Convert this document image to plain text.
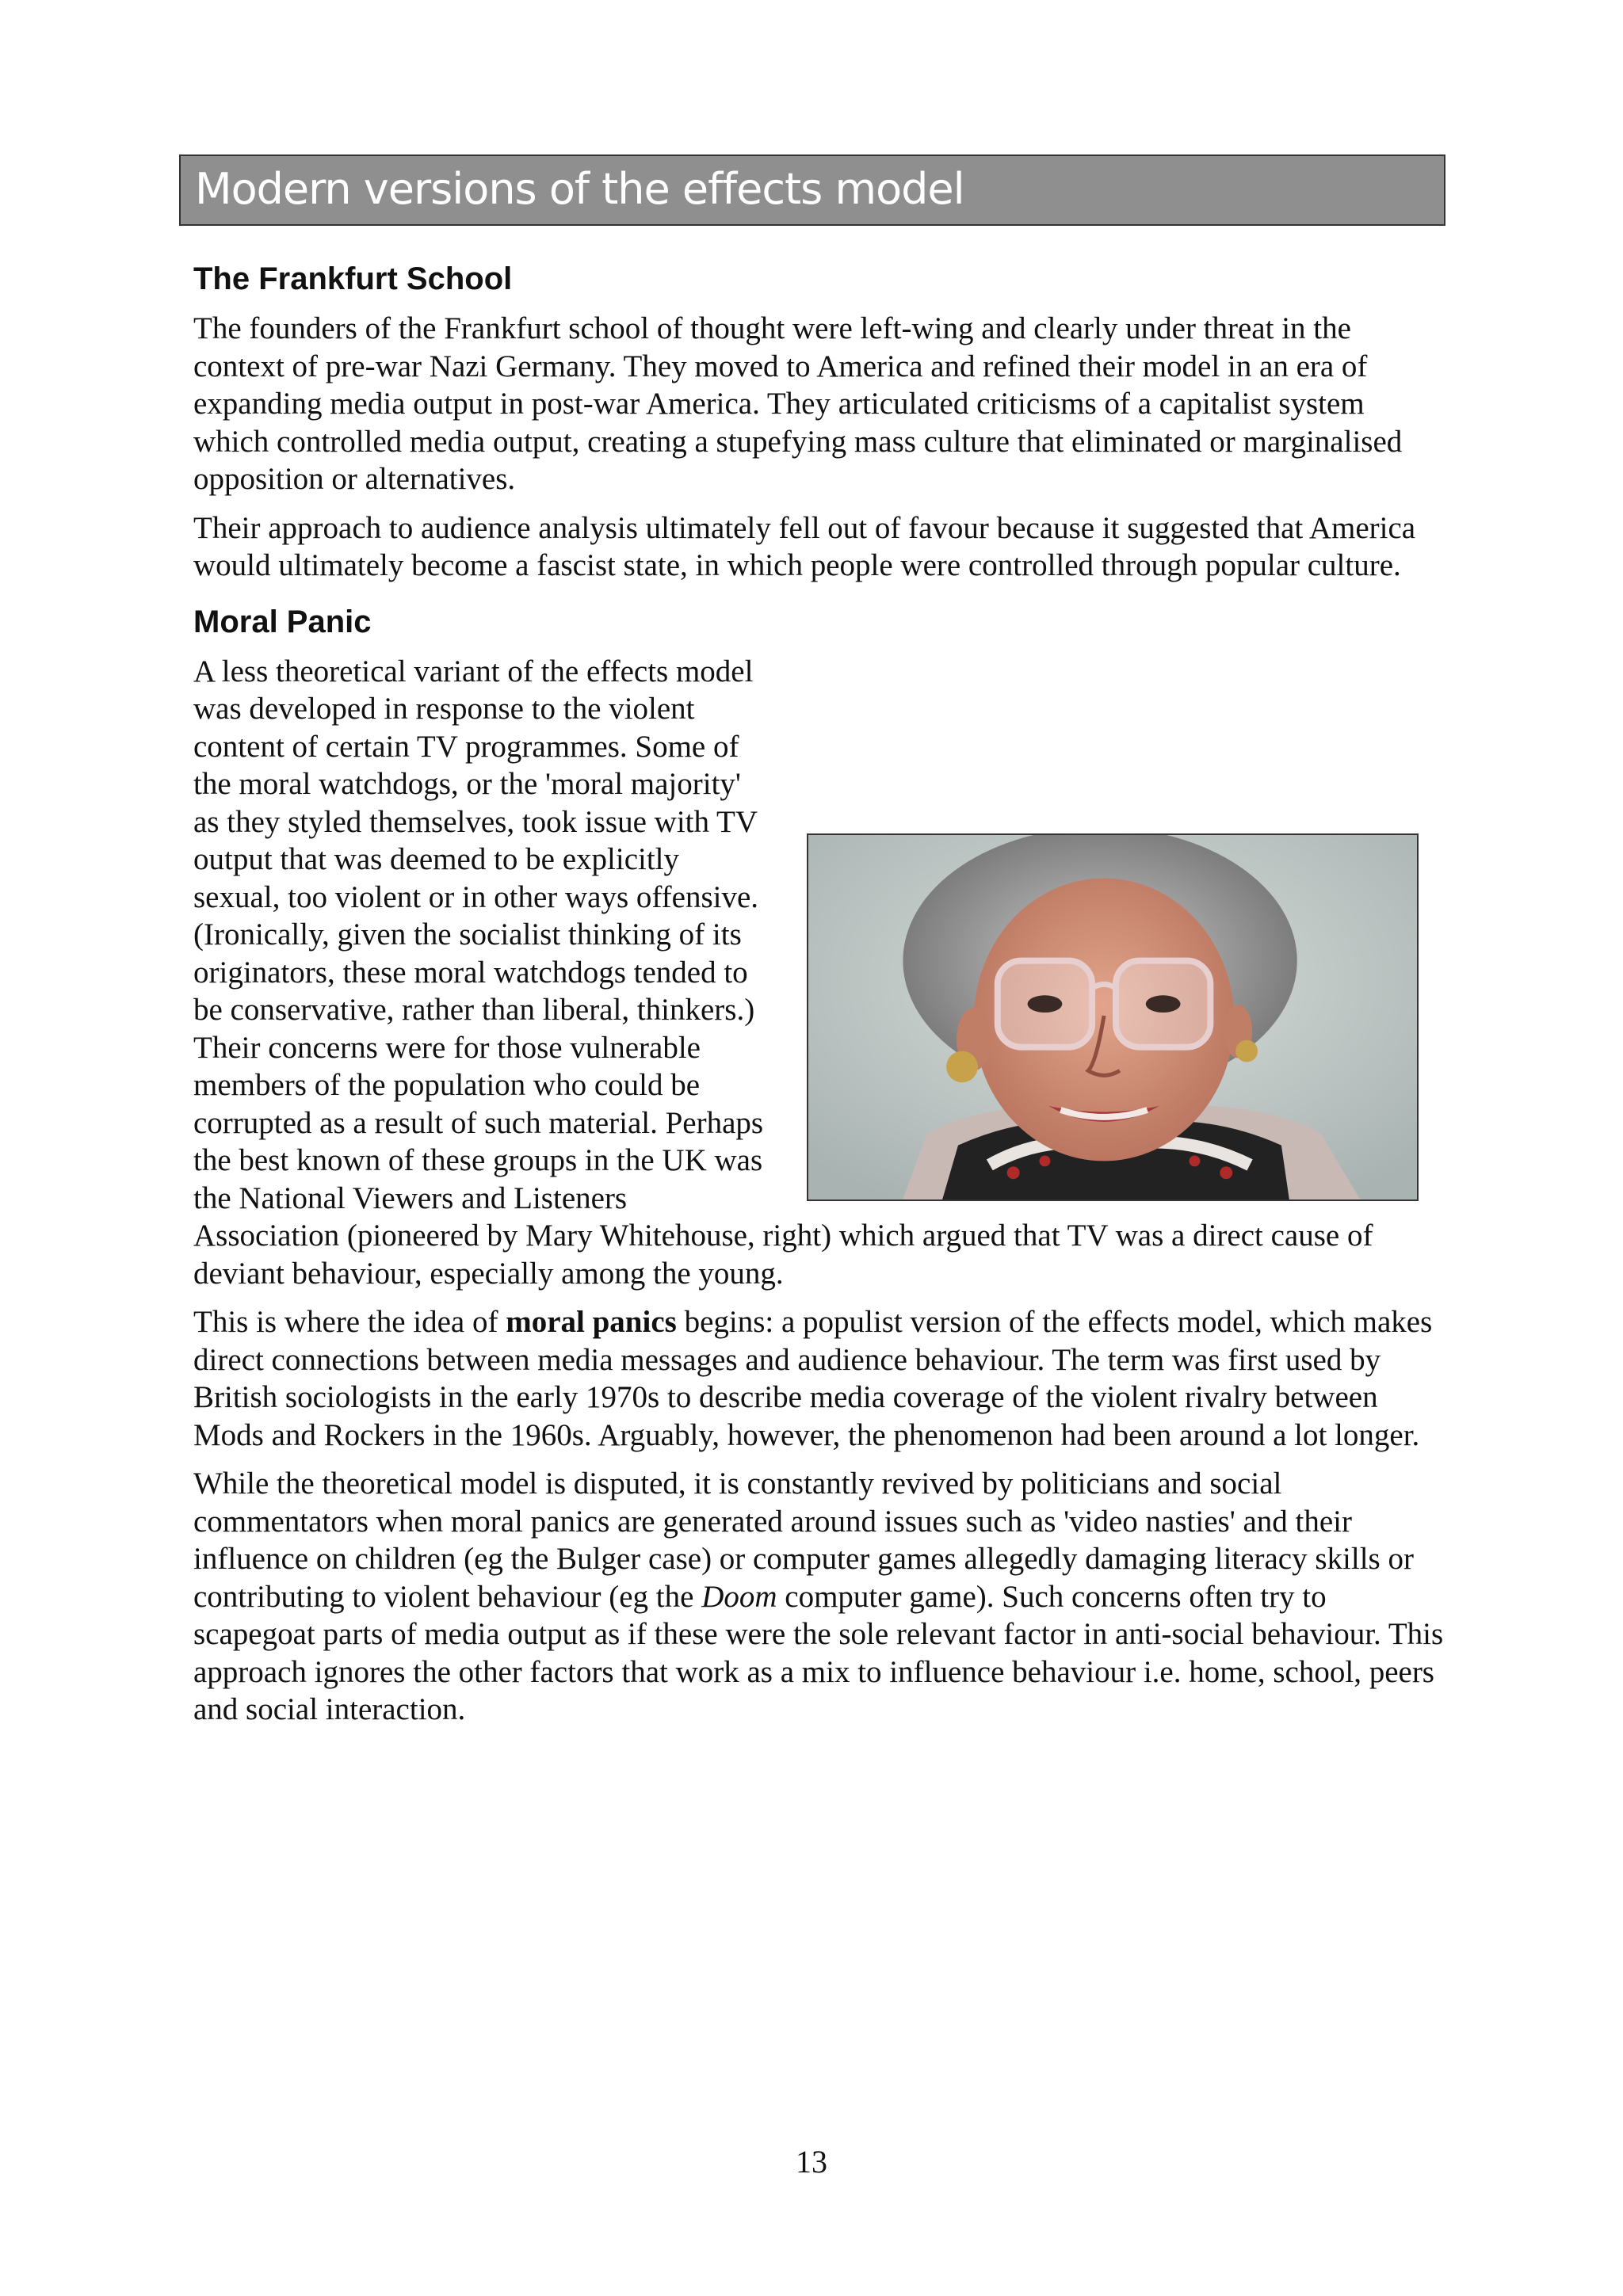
Modern versions of the effects model
The Frankfurt School

The founders of the Frankfurt school of thought were left-wing and clearly under threat in the context of pre-war Nazi Germany. They moved to America and refined their model in an era of expanding media output in post-war America. They articulated criticisms of a capitalist system which controlled media output, creating a stupefying mass culture that eliminated or marginalised opposition or alternatives.

Their approach to audience analysis ultimately fell out of favour because it suggested that America would ultimately become a fascist state, in which people were controlled through popular culture.

Moral Panic

A less theoretical variant of the effects model was developed in response to the violent content of certain TV programmes. Some of the moral watchdogs, or the 'moral majority' as they styled themselves, took issue with TV output that was deemed to be explicitly sexual, too violent or in other ways offensive. (Ironically, given the socialist thinking of its originators, these moral watchdogs tended to be conservative, rather than liberal, thinkers.) Their concerns were for those vulnerable members of the population who could be corrupted as a result of such material. Perhaps the best known of these groups in the UK was the National Viewers and Listeners Association (pioneered by Mary Whitehouse, right) which argued that TV was a direct cause of deviant behaviour, especially among the young.

This is where the idea of moral panics begins: a populist version of the effects model, which makes direct connections between media messages and audience behaviour. The term was first used by British sociologists in the early 1970s to describe media coverage of the violent rivalry between Mods and Rockers in the 1960s. Arguably, however, the phenomenon had been around a lot longer.

While the theoretical model is disputed, it is constantly revived by politicians and social commentators when moral panics are generated around issues such as 'video nasties' and their influence on children (eg the Bulger case) or computer games allegedly damaging literacy skills or contributing to violent behaviour (eg the Doom computer game). Such concerns often try to scapegoat parts of media output as if these were the sole relevant factor in anti-social behaviour. This approach ignores the other factors that work as a mix to influence behaviour i.e. home, school, peers and social interaction.

13
